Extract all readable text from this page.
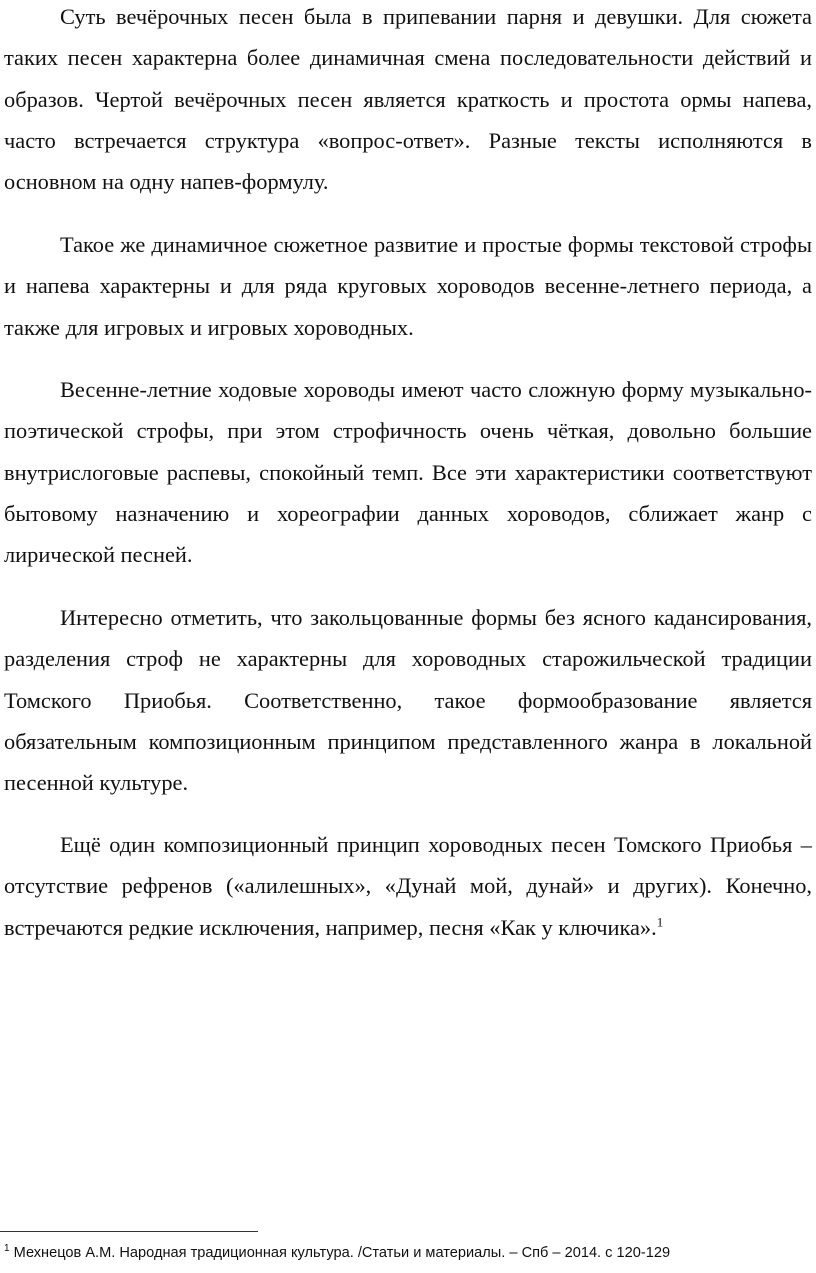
Суть вечёрочных песен была в припевании парня и девушки. Для сюжета таких песен характерна более динамичная смена последовательности действий и образов. Чертой вечёрочных песен является краткость и простота ормы напева, часто встречается структура «вопрос-ответ». Разные тексты исполняются в основном на одну напев-формулу.

Такое же динамичное сюжетное развитие и простые формы текстовой строфы и напева характерны и для ряда круговых хороводов весенне-летнего периода, а также для игровых и игровых хороводных.

Весенне-летние ходовые хороводы имеют часто сложную форму музыкально-поэтической строфы, при этом строфичность очень чёткая, довольно большие внутрислоговые распевы, спокойный темп. Все эти характеристики соответствуют бытовому назначению и хореографии данных хороводов, сближает жанр с лирической песней.

Интересно отметить, что закольцованные формы без ясного кадансирования, разделения строф не характерны для хороводных старожильческой традиции Томского Приобья. Соответственно, такое формообразование является обязательным композиционным принципом представленного жанра в локальной песенной культуре.

Ещё один композиционный принцип хороводных песен Томского Приобья – отсутствие рефренов («алилешных», «Дунай мой, дунай» и других). Конечно, встречаются редкие исключения, например, песня «Как у ключика».$^1$

$^1$ Мехнецов А.М. Народная традиционная культура. /Статьи и материалы. – Спб – 2014. с 120-129
